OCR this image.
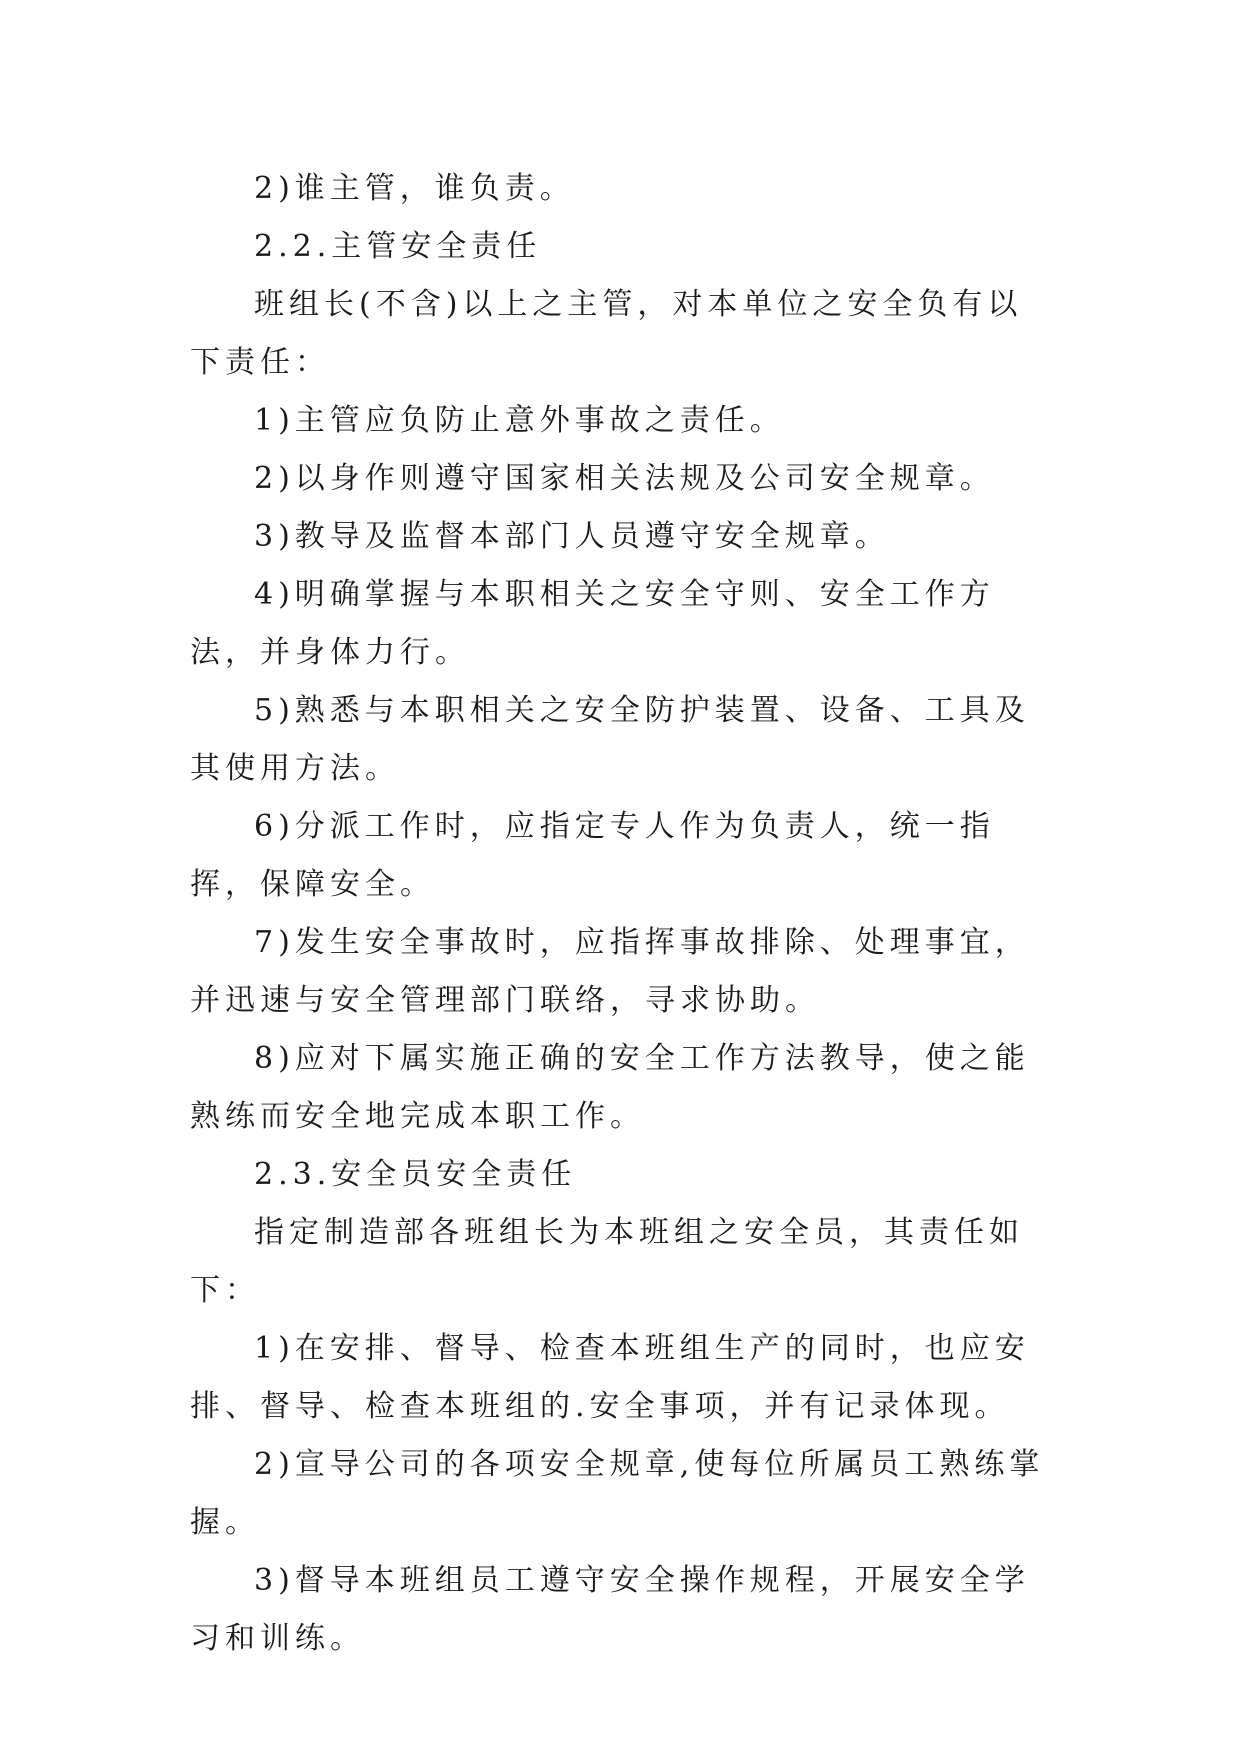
2)谁主管，谁负责。

2.2.主管安全责任

班组长(不含)以上之主管，对本单位之安全负有以下责任：

1)主管应负防止意外事故之责任。

2)以身作则遵守国家相关法规及公司安全规章。

3)教导及监督本部门人员遵守安全规章。

4)明确掌握与本职相关之安全守则、安全工作方法，并身体力行。

5)熟悉与本职相关之安全防护装置、设备、工具及其使用方法。

6)分派工作时，应指定专人作为负责人，统一指挥，保障安全。

7)发生安全事故时，应指挥事故排除、处理事宜，并迅速与安全管理部门联络，寻求协助。

8)应对下属实施正确的安全工作方法教导，使之能熟练而安全地完成本职工作。

2.3.安全员安全责任

指定制造部各班组长为本班组之安全员，其责任如下：

1)在安排、督导、检查本班组生产的同时，也应安排、督导、检查本班组的.安全事项，并有记录体现。

2)宣导公司的各项安全规章,使每位所属员工熟练掌握。

3)督导本班组员工遵守安全操作规程，开展安全学习和训练。
